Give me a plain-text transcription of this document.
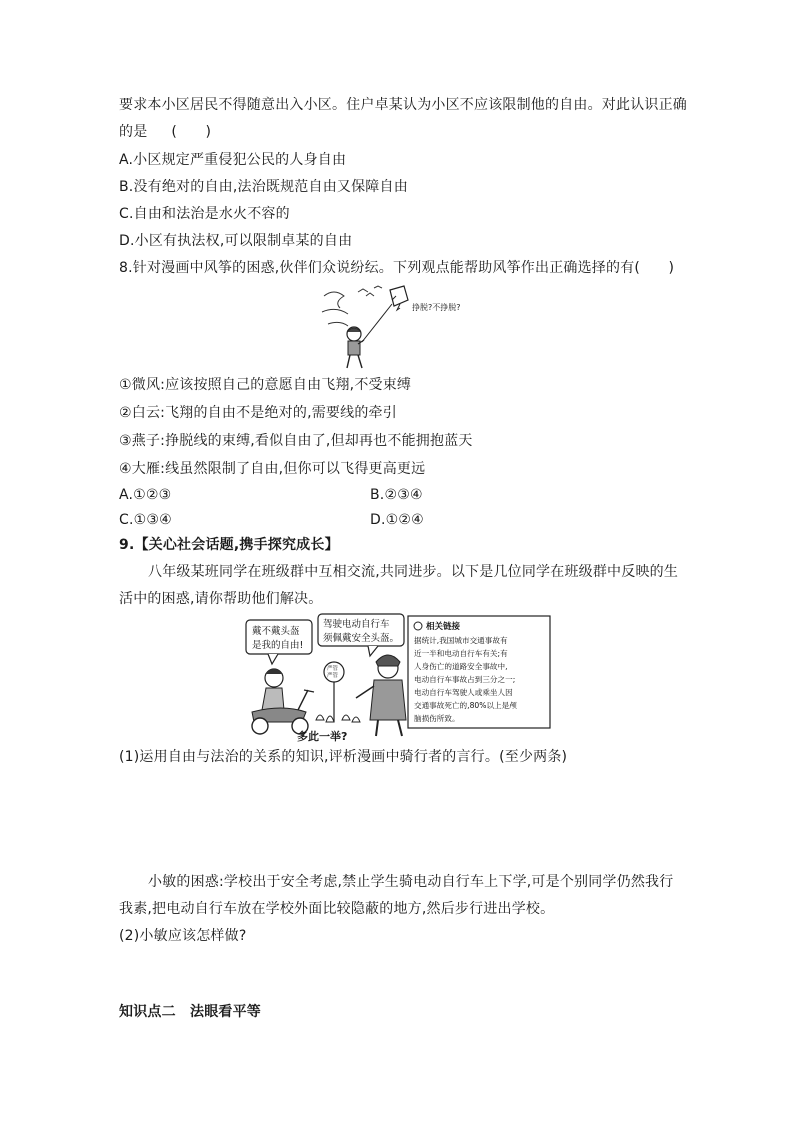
要求本小区居民不得随意出入小区。住户卓某认为小区不应该限制他的自由。对此认识正确
的是 (　　)
A.小区规定严重侵犯公民的人身自由
B.没有绝对的自由,法治既规范自由又保障自由
C.自由和法治是水火不容的
D.小区有执法权,可以限制卓某的自由
8.针对漫画中风筝的困惑,伙伴们众说纷纭。下列观点能帮助风筝作出正确选择的有(　　)
挣脱?不挣脱?
①微风:应该按照自己的意愿自由飞翔,不受束缚
②白云:飞翔的自由不是绝对的,需要线的牵引
③燕子:挣脱线的束缚,看似自由了,但却再也不能拥抱蓝天
④大雁:线虽然限制了自由,但你可以飞得更高更远
A.①②③	B.②③④
C.①③④	D.①②④
9.【关心社会话题,携手探究成长】
八年级某班同学在班级群中互相交流,共同进步。以下是几位同学在班级群中反映的生
活中的困惑,请你帮助他们解决。
戴不戴头盔
是我的自由!
驾驶电动自行车
须佩戴安全头盔。
严管
严管
相关链接
据统计,我国城市交通事故有
近一半和电动自行车有关;有
人身伤亡的道路安全事故中,
电动自行车事故占到三分之一;
电动自行车驾驶人或乘坐人因
交通事故死亡的,80%以上是颅
脑损伤所致。
多此一举?
(1)运用自由与法治的关系的知识,评析漫画中骑行者的言行。(至少两条)
小敏的困惑:学校出于安全考虑,禁止学生骑电动自行车上下学,可是个别同学仍然我行
我素,把电动自行车放在学校外面比较隐蔽的地方,然后步行进出学校。
(2)小敏应该怎样做?
知识点二　法眼看平等
